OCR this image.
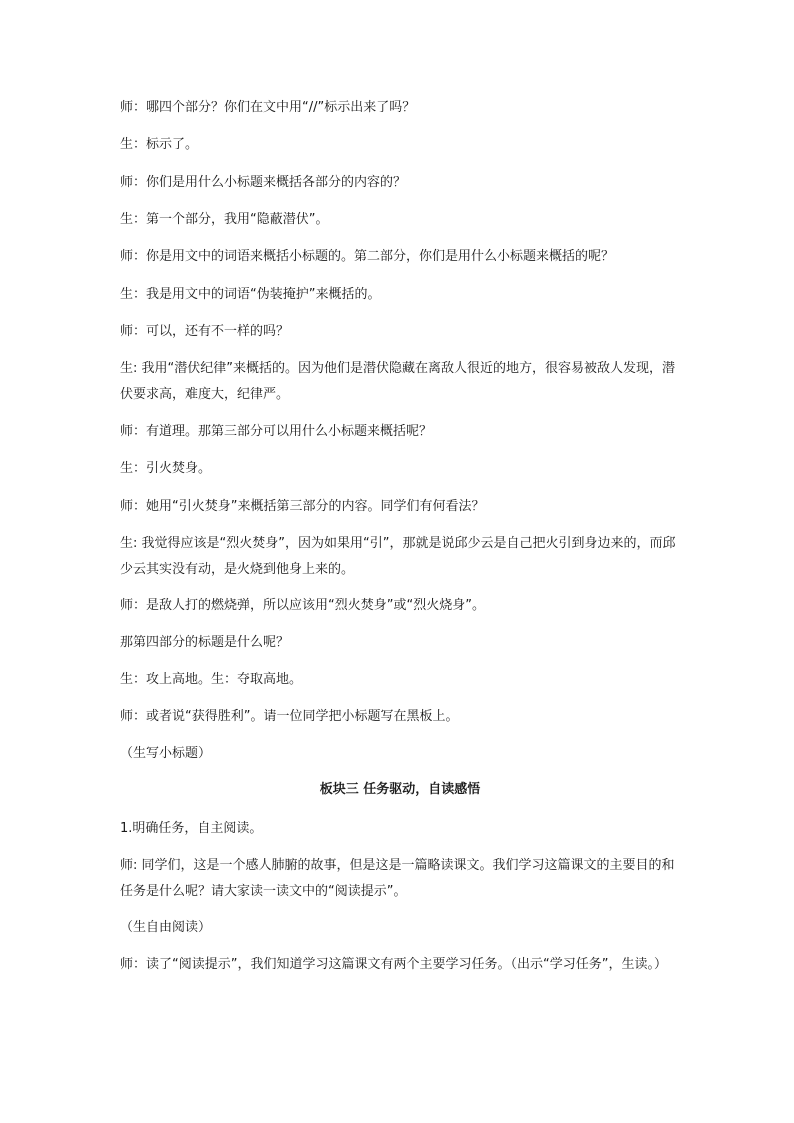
师：哪四个部分？你们在文中用“//”标示出来了吗？
生：标示了。
师：你们是用什么小标题来概括各部分的内容的？
生：第一个部分，我用“隐蔽潜伏”。
师：你是用文中的词语来概括小标题的。第二部分，你们是用什么小标题来概括的呢？
生：我是用文中的词语“伪装掩护”来概括的。
师：可以，还有不一样的吗？
生: 我用“潜伏纪律”来概括的。因为他们是潜伏隐藏在离敌人很近的地方，很容易被敌人发现，潜伏要求高，难度大，纪律严。
师：有道理。那第三部分可以用什么小标题来概括呢？
生：引火焚身。
师：她用“引火焚身”来概括第三部分的内容。同学们有何看法？
生: 我觉得应该是“烈火焚身”，因为如果用“引”，那就是说邱少云是自己把火引到身边来的，而邱少云其实没有动，是火烧到他身上来的。
师：是敌人打的燃烧弹，所以应该用“烈火焚身”或“烈火烧身”。
那第四部分的标题是什么呢？
生：攻上高地。生：夺取高地。
师：或者说“获得胜利”。请一位同学把小标题写在黑板上。
（生写小标题）
板块三 任务驱动，自读感悟
1.明确任务，自主阅读。
师: 同学们，这是一个感人肺腑的故事，但是这是一篇略读课文。我们学习这篇课文的主要目的和任务是什么呢？请大家读一读文中的“阅读提示”。
（生自由阅读）
师：读了“阅读提示”，我们知道学习这篇课文有两个主要学习任务。（出示“学习任务”，生读。）
